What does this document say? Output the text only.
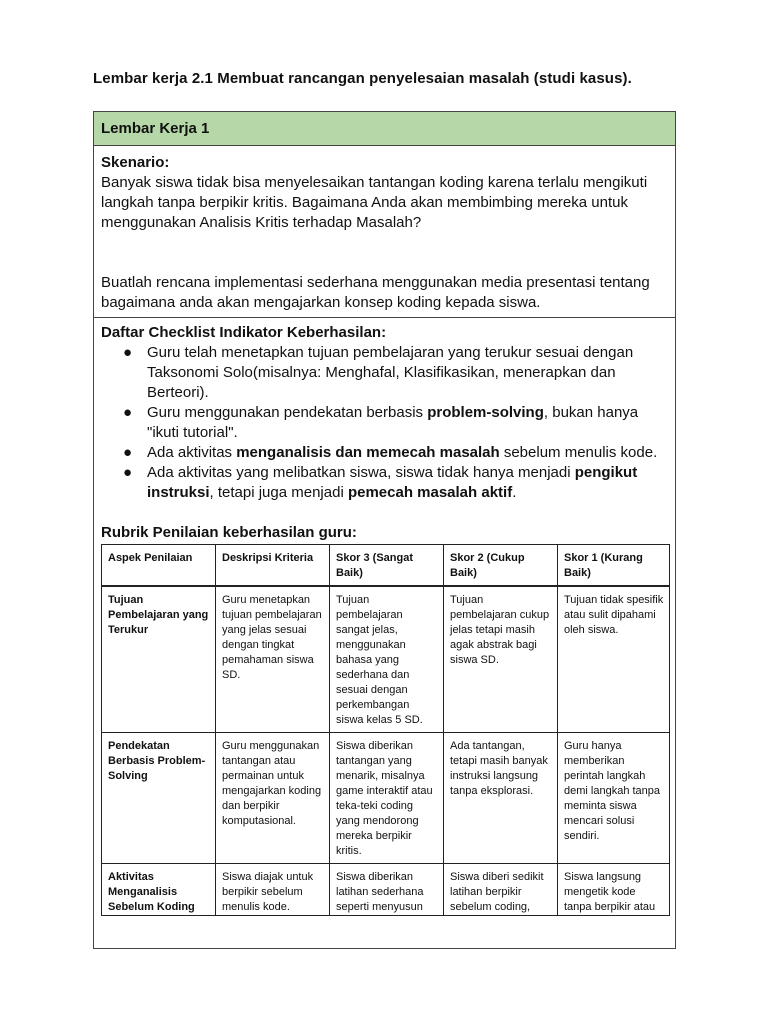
Lembar kerja 2.1 Membuat rancangan penyelesaian masalah (studi kasus).
Lembar Kerja 1
Skenario:
Banyak siswa tidak bisa menyelesaikan tantangan koding karena terlalu mengikuti langkah tanpa berpikir kritis. Bagaimana Anda akan membimbing mereka untuk menggunakan Analisis Kritis terhadap Masalah?
Buatlah rencana implementasi sederhana menggunakan media presentasi tentang bagaimana anda akan mengajarkan konsep koding kepada siswa.
Daftar Checklist Indikator Keberhasilan:
● Guru telah menetapkan tujuan pembelajaran yang terukur sesuai dengan Taksonomi Solo(misalnya: Menghafal, Klasifikasikan, menerapkan dan Berteori).
● Guru menggunakan pendekatan berbasis problem-solving, bukan hanya "ikuti tutorial".
● Ada aktivitas menganalisis dan memecah masalah sebelum menulis kode.
● Ada aktivitas yang melibatkan siswa, siswa tidak hanya menjadi pengikut instruksi, tetapi juga menjadi pemecah masalah aktif.
Rubrik Penilaian keberhasilan guru:
Aspek Penilaian	Deskripsi Kriteria	Skor 3 (Sangat Baik)	Skor 2 (Cukup Baik)	Skor 1 (Kurang Baik)
Tujuan Pembelajaran yang Terukur	Guru menetapkan tujuan pembelajaran yang jelas sesuai dengan tingkat pemahaman siswa SD.	Tujuan pembelajaran sangat jelas, menggunakan bahasa yang sederhana dan sesuai dengan perkembangan siswa kelas 5 SD.	Tujuan pembelajaran cukup jelas tetapi masih agak abstrak bagi siswa SD.	Tujuan tidak spesifik atau sulit dipahami oleh siswa.
Pendekatan Berbasis Problem-Solving	Guru menggunakan tantangan atau permainan untuk mengajarkan koding dan berpikir komputasional.	Siswa diberikan tantangan yang menarik, misalnya game interaktif atau teka-teki coding yang mendorong mereka berpikir kritis.	Ada tantangan, tetapi masih banyak instruksi langsung tanpa eksplorasi.	Guru hanya memberikan perintah langkah demi langkah tanpa meminta siswa mencari solusi sendiri.
Aktivitas Menganalisis Sebelum Koding	Siswa diajak untuk berpikir sebelum menulis kode.	Siswa diberikan latihan sederhana seperti menyusun	Siswa diberi sedikit latihan berpikir sebelum coding,	Siswa langsung mengetik kode tanpa berpikir atau
